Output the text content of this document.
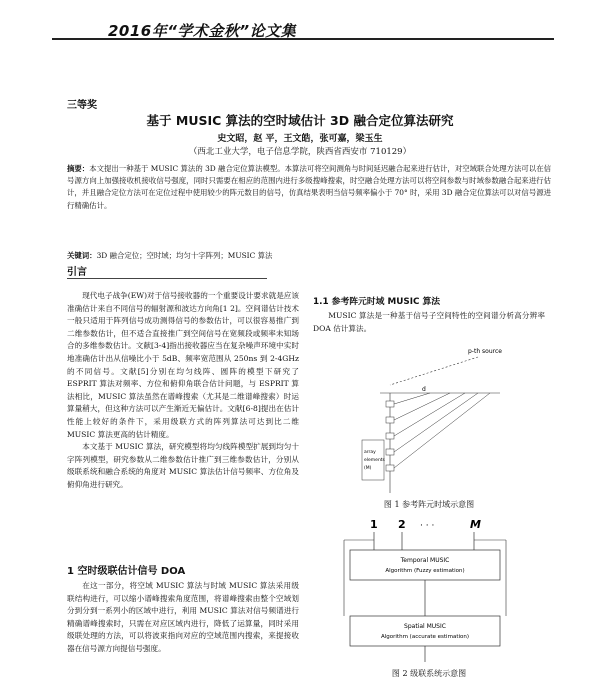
2016年“学术金秋”论文集
三等奖
基于 MUSIC 算法的空时域估计 3D 融合定位算法研究
史文昭，赵 平，王文皓，张可嘉，梁玉生
（西北工业大学，电子信息学院，陕西省西安市 710129）
摘要：本文提出一种基于 MUSIC 算法的 3D 融合定位算法模型。本算法可将空间测角与时间延迟融合起来进行估计，对空域联合处理方法可以在信号源方向上加强接收机接收信号强度，同时只需要在相应的范围内进行多级搜峰搜索，时空融合处理方法可以将空间参数与时域参数融合起来进行估计，并且融合定位方法可在定位过程中使用较少的阵元数目的信号，仿真结果表明当信号频率偏小于 70° 时，采用 3D 融合定位算法可以对信号源进行精确估计。
关键词：3D 融合定位；空时域；均匀十字阵列；MUSIC 算法
引言

现代电子战争(EW)对于信号接收器的一个重要设计要求就是应该准确估计来自不同信号的辐射源和波达方向角[1 2]。空间谱估计技术一般只适用于阵列信号成功测得信号的参数估计，可以很容易推广到二维参数估计，但不适合直接推广到空间信号在宽频段或频率未知场合的多维参数估计。文献[3-4]指出接收器应当在复杂噪声环境中实时地准确估计出从信噪比小于 5dB、频率宽范围从 250ns 到 2-4GHz 的不同信号。文献[5]分别在均匀线阵、圆阵的模型下研究了 ESPRIT 算法对频率、方位和俯仰角联合估计问题，与 ESPRIT 算法相比，MUSIC 算法虽然在谱峰搜索（尤其是二维谱峰搜索）时运算量稍大，但这种方法可以产生渐近无偏估计。文献[6-8]提出在估计性能上较好的条件下，采用级联方式的阵列算法可达到比二维 MUSIC 算法更高的估计精度。

本文基于 MUSIC 算法，研究模型将均匀线阵模型扩展到均匀十字阵列模型，研究参数从二维参数估计推广到三维参数估计，分别从级联系统和融合系统的角度对 MUSIC 算法估计信号频率、方位角及俯仰角进行研究。

1 空时级联估计信号 DOA

在这一部分，将空域 MUSIC 算法与时域 MUSIC 算法采用级联结构进行，可以缩小谱峰搜索角度范围，将谱峰搜索由整个空域划分到分到一系列小的区域中进行，利用 MUSIC 算法对信号频谱进行精确谱峰搜索时，只需在对应区域内进行，降低了运算量，同时采用级联处理的方法，可以将波束指向对应的空域范围内搜索，来提接收器在信号源方向提信号强度。

1.1 参考阵元时域 MUSIC 算法

MUSIC 算法是一种基于信号子空间特性的空间谱分析高分辨率 DOA 估计算法。

p-th source
d
array
elements
(M)
图 1 参考阵元时域示意图
1 2 · · ·	M
Temporal MUSIC
Algorithm (Fuzzy estimation)
Spatial MUSIC
Algorithm (accurate estimation)
图 2 级联系统示意图
